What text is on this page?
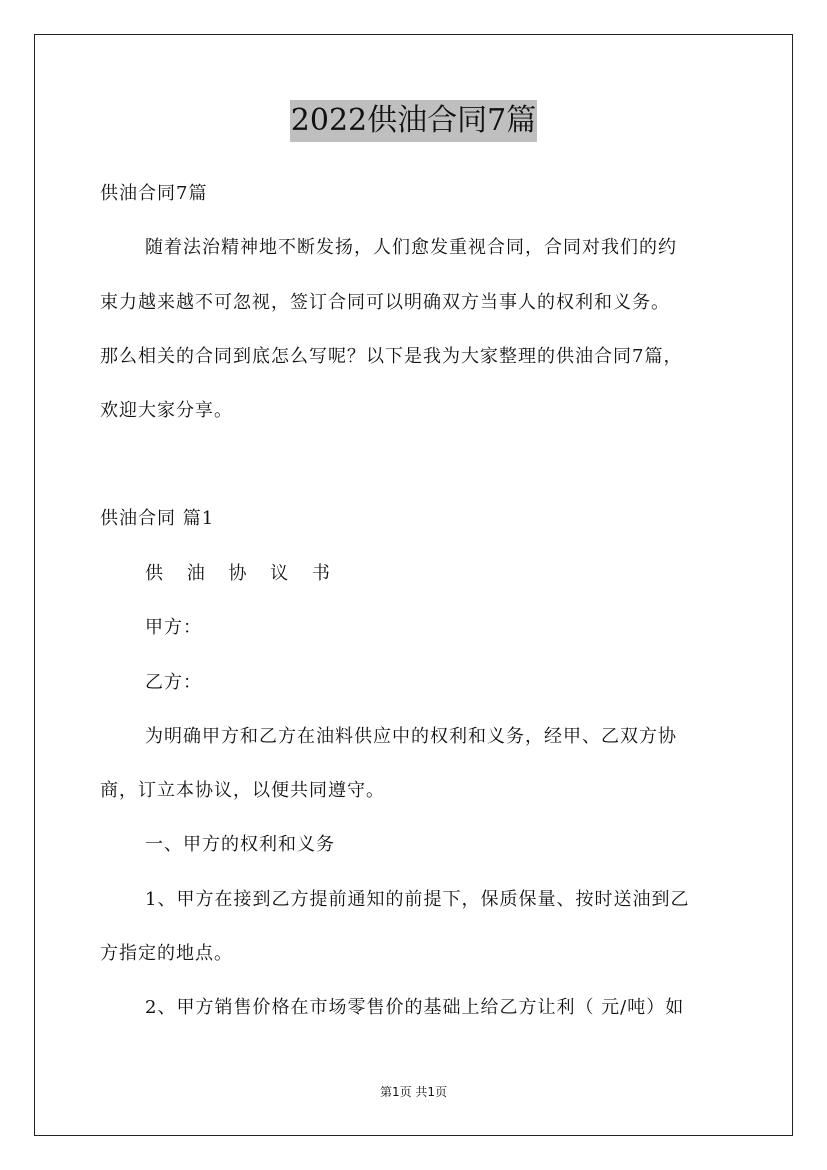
2022供油合同7篇
供油合同7篇
随着法治精神地不断发扬，人们愈发重视合同，合同对我们的约
束力越来越不可忽视，签订合同可以明确双方当事人的权利和义务。
那么相关的合同到底怎么写呢？以下是我为大家整理的供油合同7篇，
欢迎大家分享。
供油合同 篇1
供 油 协 议 书
甲方：
乙方：
为明确甲方和乙方在油料供应中的权利和义务，经甲、乙双方协
商，订立本协议，以便共同遵守。
一、甲方的权利和义务
1、甲方在接到乙方提前通知的前提下，保质保量、按时送油到乙
方指定的地点。
2、甲方销售价格在市场零售价的基础上给乙方让利（ 元/吨）如
第1页 共1页
